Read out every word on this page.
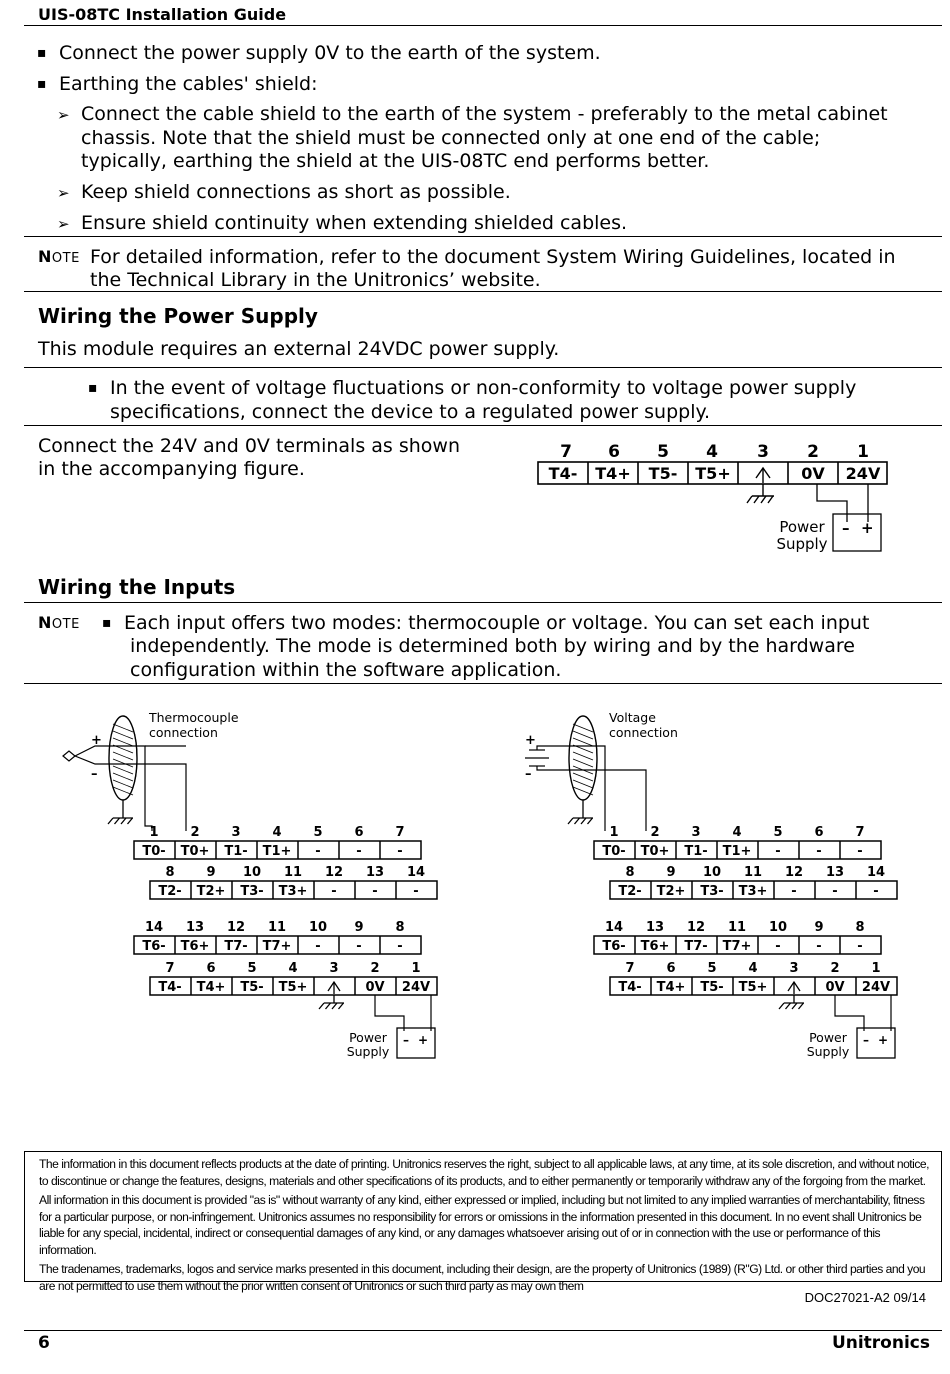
UIS-08TC Installation Guide
▪ Connect the power supply 0V to the earth of the system.
▪ Earthing the cables' shield:
➢ Connect the cable shield to the earth of the system - preferably to the metal cabinet
chassis. Note that the shield must be connected only at one end of the cable;
typically, earthing the shield at the UIS-08TC end performs better.
➢ Keep shield connections as short as possible.
➢ Ensure shield continuity when extending shielded cables.
NOTE For detailed information, refer to the document System Wiring Guidelines, located in
the Technical Library in the Unitronics’ website.
Wiring the Power Supply
This module requires an external 24VDC power supply.
▪ In the event of voltage fluctuations or non-conformity to voltage power supply
specifications, connect the device to a regulated power supply.
Connect the 24V and 0V terminals as shown
in the accompanying figure.
7 6 5 4 3 2 1
T4- T4+ T5- T5+	0V 24V
– +
Power
Supply
Wiring the Inputs
NOTE
▪ Each input offers two modes: thermocouple or voltage. You can set each input
independently. The mode is determined both by wiring and by the hardware
configuration within the software application.
Thermocouple
connection
+
–
1
T0-
2
T0+
3
T1-
4
T1+
5
-
6
-
7
-
8
T2-
9
T2+
10
T3-
11
T3+
12
-
13
-
14
-
14
T6-
13
T6+
12
T7-
11
T7+
10
-
9
-
8
-
7
T4-
6
T4+
5
T5-
4
T5+
3 2
0V
1
24V
– +
Power
Supply
Voltage
connection
+
–
1
T0-
2
T0+
3
T1-
4
T1+
5
-
6
-
7
-
8
T2-
9
T2+
10
T3-
11
T3+
12
-
13
-
14
-
14
T6-
13
T6+
12
T7-
11
T7+
10
-
9
-
8
-
7
T4-
6
T4+
5
T5-
4
T5+
3 2
0V
1
24V
– +
Power
Supply

The information in this document reflects products at the date of printing. Unitronics reserves the right, subject to all applicable laws, at any time, at its sole discretion, and without notice, to discontinue or change the features, designs, materials and other specifications of its products, and to either permanently or temporarily withdraw any of the forgoing from the market.

All information in this document is provided "as is" without warranty of any kind, either expressed or implied, including but not limited to any implied warranties of merchantability, fitness for a particular purpose, or non-infringement. Unitronics assumes no responsibility for errors or omissions in the information presented in this document. In no event shall Unitronics be liable for any special, incidental, indirect or consequential damages of any kind, or any damages whatsoever arising out of or in connection with the use or performance of this information.

The tradenames, trademarks, logos and service marks presented in this document, including their design, are the property of Unitronics (1989) (R"G) Ltd. or other third parties and you are not permitted to use them without the prior written consent of Unitronics or such third party as may own them

DOC27021-A2 09/14
6	Unitronics
